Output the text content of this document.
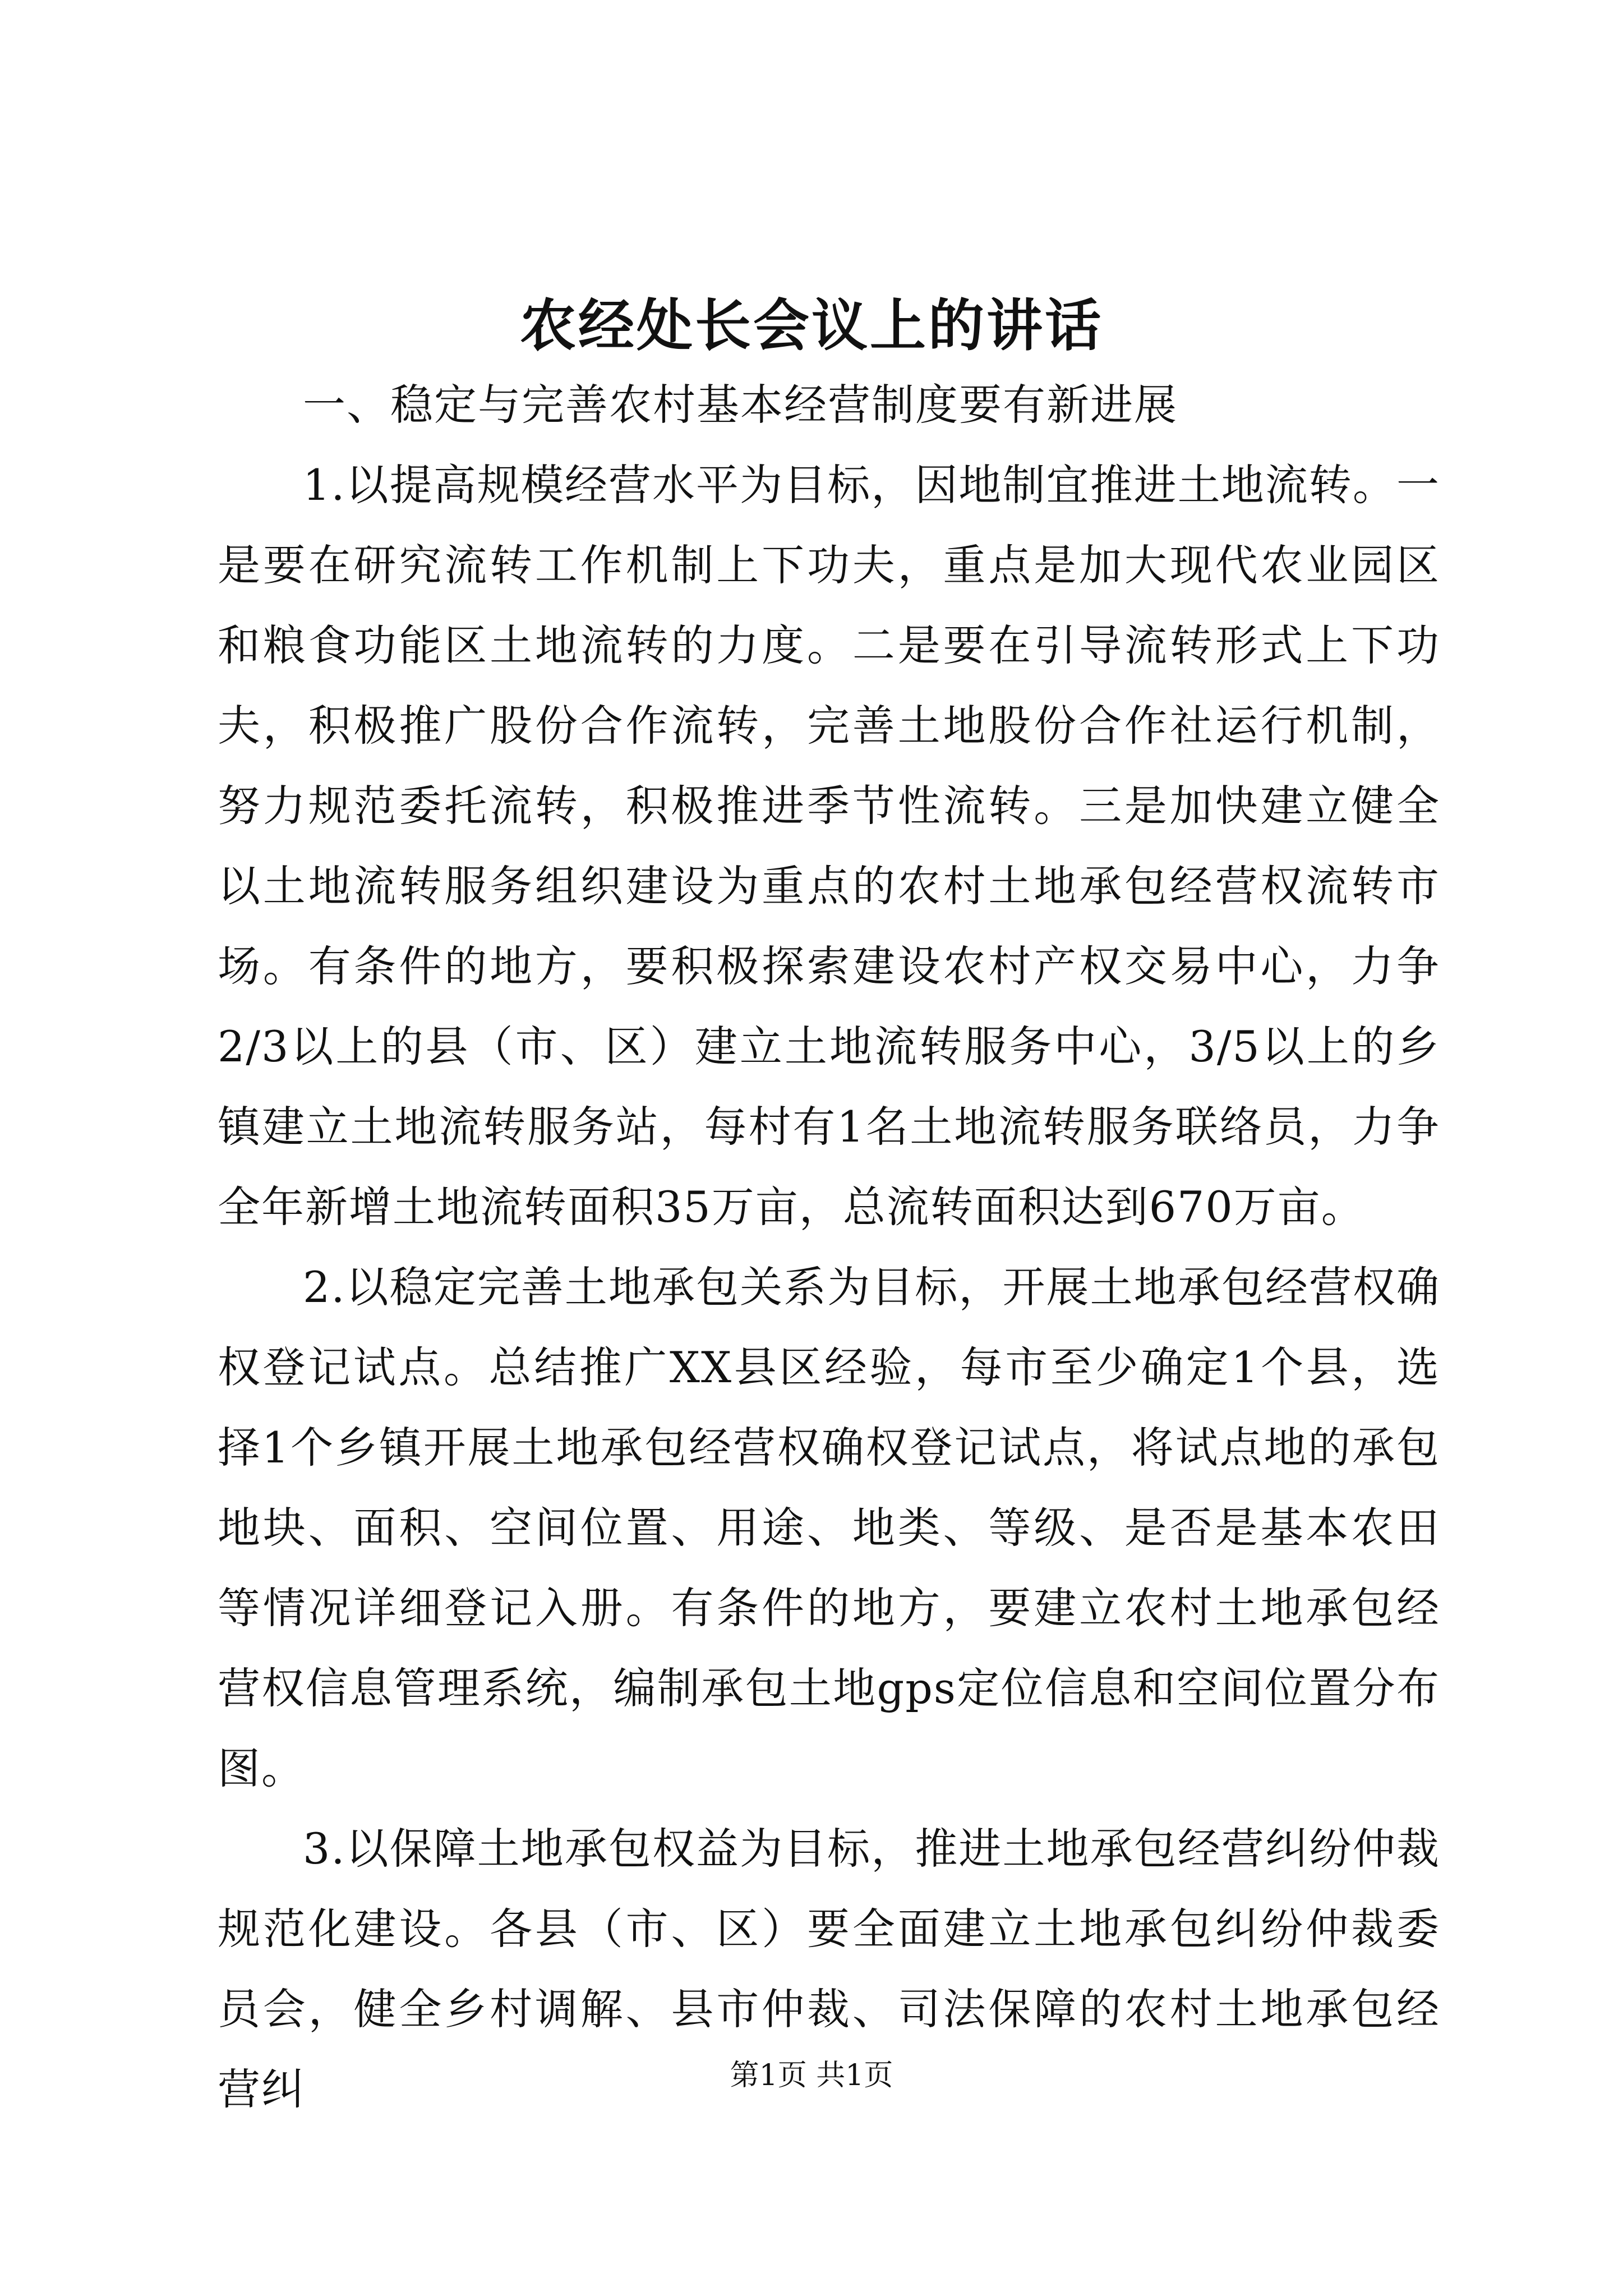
农经处长会议上的讲话

一、稳定与完善农村基本经营制度要有新进展

1.以提高规模经营水平为目标，因地制宜推进土地流转。一是要在研究流转工作机制上下功夫，重点是加大现代农业园区和粮食功能区土地流转的力度。二是要在引导流转形式上下功夫，积极推广股份合作流转，完善土地股份合作社运行机制，努力规范委托流转，积极推进季节性流转。三是加快建立健全以土地流转服务组织建设为重点的农村土地承包经营权流转市场。有条件的地方，要积极探索建设农村产权交易中心，力争2/3以上的县（市、区）建立土地流转服务中心，3/5以上的乡镇建立土地流转服务站，每村有1名土地流转服务联络员，力争全年新增土地流转面积35万亩，总流转面积达到670万亩。

2.以稳定完善土地承包关系为目标，开展土地承包经营权确权登记试点。总结推广XX县区经验，每市至少确定1个县，选择1个乡镇开展土地承包经营权确权登记试点，将试点地的承包地块、面积、空间位置、用途、地类、等级、是否是基本农田等情况详细登记入册。有条件的地方，要建立农村土地承包经营权信息管理系统，编制承包土地gps定位信息和空间位置分布图。

3.以保障土地承包权益为目标，推进土地承包经营纠纷仲裁规范化建设。各县（市、区）要全面建立土地承包纠纷仲裁委员会，健全乡村调解、县市仲裁、司法保障的农村土地承包经营纠	第1页 共1页
